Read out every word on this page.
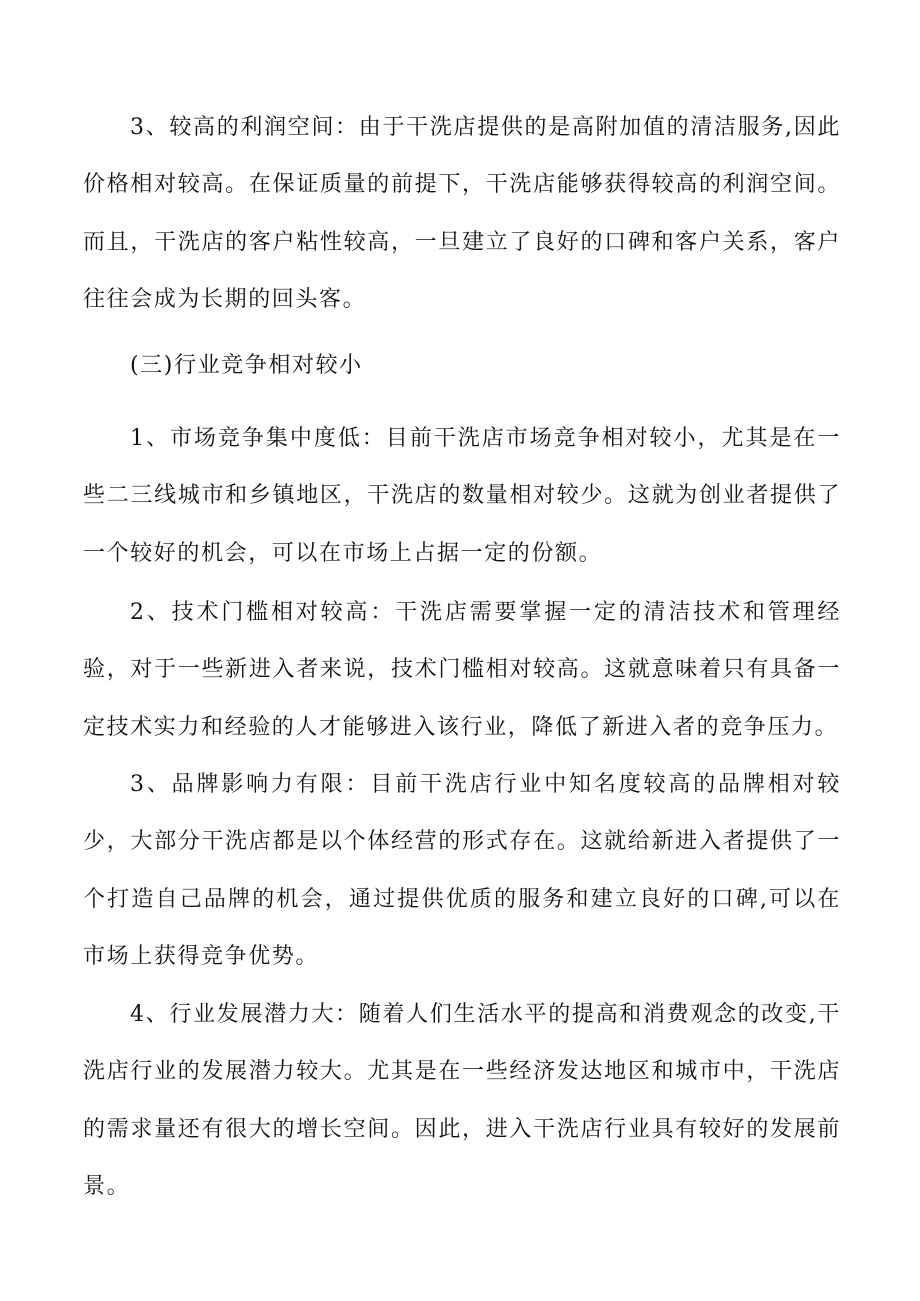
3、较高的利润空间：由于干洗店提供的是高附加值的清洁服务,因此价格相对较高。在保证质量的前提下，干洗店能够获得较高的利润空间。而且，干洗店的客户粘性较高，一旦建立了良好的口碑和客户关系，客户往往会成为长期的回头客。

(三)行业竞争相对较小

1、市场竞争集中度低：目前干洗店市场竞争相对较小，尤其是在一些二三线城市和乡镇地区，干洗店的数量相对较少。这就为创业者提供了一个较好的机会，可以在市场上占据一定的份额。

2、技术门槛相对较高：干洗店需要掌握一定的清洁技术和管理经验，对于一些新进入者来说，技术门槛相对较高。这就意味着只有具备一定技术实力和经验的人才能够进入该行业，降低了新进入者的竞争压力。

3、品牌影响力有限：目前干洗店行业中知名度较高的品牌相对较少，大部分干洗店都是以个体经营的形式存在。这就给新进入者提供了一个打造自己品牌的机会，通过提供优质的服务和建立良好的口碑,可以在市场上获得竞争优势。

4、行业发展潜力大：随着人们生活水平的提高和消费观念的改变,干洗店行业的发展潜力较大。尤其是在一些经济发达地区和城市中，干洗店的需求量还有很大的增长空间。因此，进入干洗店行业具有较好的发展前景。
